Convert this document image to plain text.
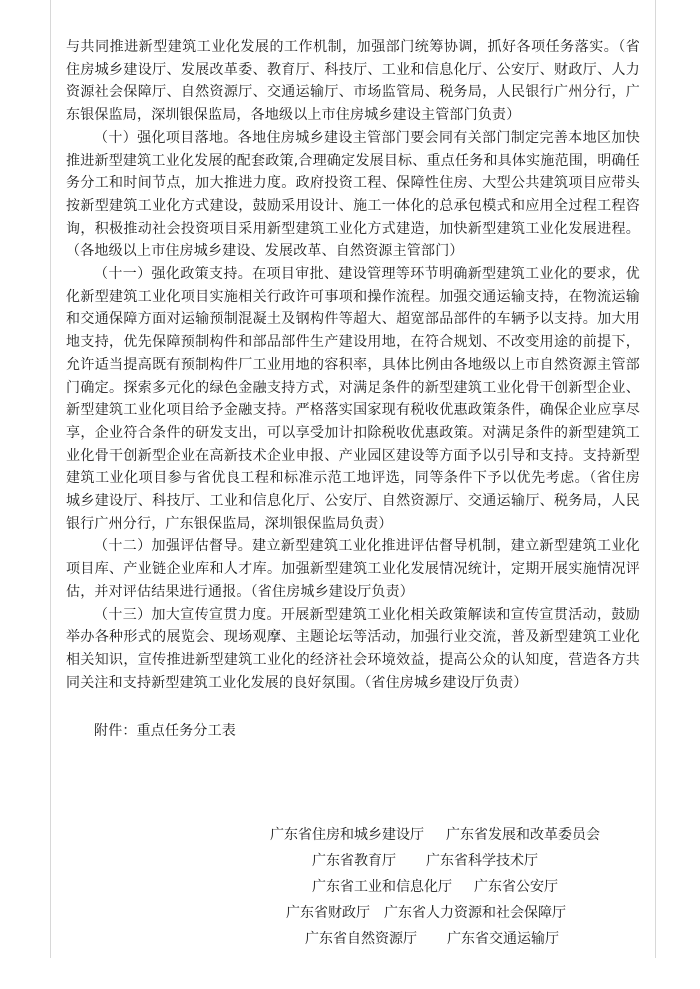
与共同推进新型建筑工业化发展的工作机制，加强部门统筹协调，抓好各项任务落实。（省住房城乡建设厅、发展改革委、教育厅、科技厅、工业和信息化厅、公安厅、财政厅、人力资源社会保障厅、自然资源厅、交通运输厅、市场监管局、税务局，人民银行广州分行，广东银保监局，深圳银保监局，各地级以上市住房城乡建设主管部门负责）

（十）强化项目落地。各地住房城乡建设主管部门要会同有关部门制定完善本地区加快推进新型建筑工业化发展的配套政策,合理确定发展目标、重点任务和具体实施范围，明确任务分工和时间节点，加大推进力度。政府投资工程、保障性住房、大型公共建筑项目应带头按新型建筑工业化方式建设，鼓励采用设计、施工一体化的总承包模式和应用全过程工程咨询，积极推动社会投资项目采用新型建筑工业化方式建造，加快新型建筑工业化发展进程。（各地级以上市住房城乡建设、发展改革、自然资源主管部门）

（十一）强化政策支持。在项目审批、建设管理等环节明确新型建筑工业化的要求，优化新型建筑工业化项目实施相关行政许可事项和操作流程。加强交通运输支持，在物流运输和交通保障方面对运输预制混凝土及钢构件等超大、超宽部品部件的车辆予以支持。加大用地支持，优先保障预制构件和部品部件生产建设用地，在符合规划、不改变用途的前提下，允许适当提高既有预制构件厂工业用地的容积率，具体比例由各地级以上市自然资源主管部门确定。探索多元化的绿色金融支持方式，对满足条件的新型建筑工业化骨干创新型企业、新型建筑工业化项目给予金融支持。严格落实国家现有税收优惠政策条件，确保企业应享尽享，企业符合条件的研发支出，可以享受加计扣除税收优惠政策。对满足条件的新型建筑工业化骨干创新型企业在高新技术企业申报、产业园区建设等方面予以引导和支持。支持新型建筑工业化项目参与省优良工程和标准示范工地评选，同等条件下予以优先考虑。（省住房城乡建设厅、科技厅、工业和信息化厅、公安厅、自然资源厅、交通运输厅、税务局，人民银行广州分行，广东银保监局，深圳银保监局负责）

（十二）加强评估督导。建立新型建筑工业化推进评估督导机制，建立新型建筑工业化项目库、产业链企业库和人才库。加强新型建筑工业化发展情况统计，定期开展实施情况评估，并对评估结果进行通报。（省住房城乡建设厅负责）

（十三）加大宣传宣贯力度。开展新型建筑工业化相关政策解读和宣传宣贯活动，鼓励举办各种形式的展览会、现场观摩、主题论坛等活动，加强行业交流，普及新型建筑工业化相关知识，宣传推进新型建筑工业化的经济社会环境效益，提高公众的认知度，营造各方共同关注和支持新型建筑工业化发展的良好氛围。（省住房城乡建设厅负责）

附件：重点任务分工表

广东省住房和城乡建设厅 广东省发展和改革委员会
广东省教育厅 广东省科学技术厅
广东省工业和信息化厅 广东省公安厅
广东省财政厅 广东省人力资源和社会保障厅
广东省自然资源厅 广东省交通运输厅
